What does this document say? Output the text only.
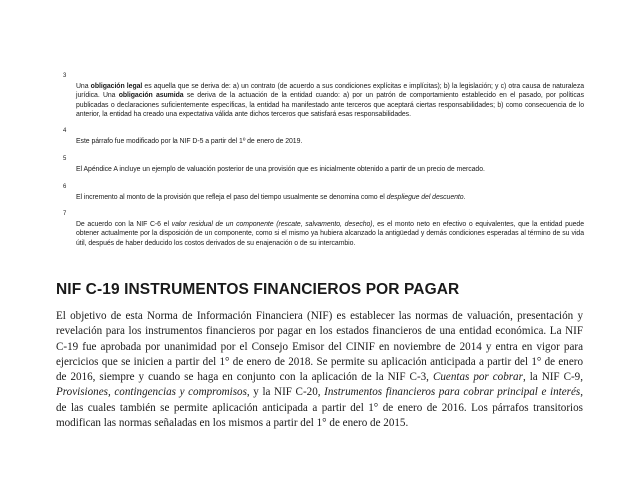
3
Una obligación legal es aquella que se deriva de: a) un contrato (de acuerdo a sus condiciones explícitas e implícitas); b) la legislación; y c) otra causa de naturaleza jurídica. Una obligación asumida se deriva de la actuación de la entidad cuando: a) por un patrón de comportamiento establecido en el pasado, por políticas publicadas o declaraciones suficientemente específicas, la entidad ha manifestado ante terceros que aceptará ciertas responsabilidades; b) como consecuencia de lo anterior, la entidad ha creado una expectativa válida ante dichos terceros que satisfará esas responsabilidades.
4
Este párrafo fue modificado por la NIF D-5 a partir del 1º de enero de 2019.
5
El Apéndice A incluye un ejemplo de valuación posterior de una provisión que es inicialmente obtenido a partir de un precio de mercado.
6
El incremento al monto de la provisión que refleja el paso del tiempo usualmente se denomina como el despliegue del descuento.
7
De acuerdo con la NIF C-6 el valor residual de un componente (rescate, salvamento, desecho), es el monto neto en efectivo o equivalentes, que la entidad puede obtener actualmente por la disposición de un componente, como si el mismo ya hubiera alcanzado la antigüedad y demás condiciones esperadas al término de su vida útil, después de haber deducido los costos derivados de su enajenación o de su intercambio.
NIF C-19 INSTRUMENTOS FINANCIEROS POR PAGAR

El objetivo de esta Norma de Información Financiera (NIF) es establecer las normas de valuación, presentación y revelación para los instrumentos financieros por pagar en los estados financieros de una entidad económica. La NIF C-19 fue aprobada por unanimidad por el Consejo Emisor del CINIF en noviembre de 2014 y entra en vigor para ejercicios que se inicien a partir del 1° de enero de 2018. Se permite su aplicación anticipada a partir del 1° de enero de 2016, siempre y cuando se haga en conjunto con la aplicación de la NIF C-3, Cuentas por cobrar, la NIF C-9, Provisiones, contingencias y compromisos, y la NIF C-20, Instrumentos financieros para cobrar principal e interés, de las cuales también se permite aplicación anticipada a partir del 1° de enero de 2016. Los párrafos transitorios modifican las normas señaladas en los mismos a partir del 1° de enero de 2015.
